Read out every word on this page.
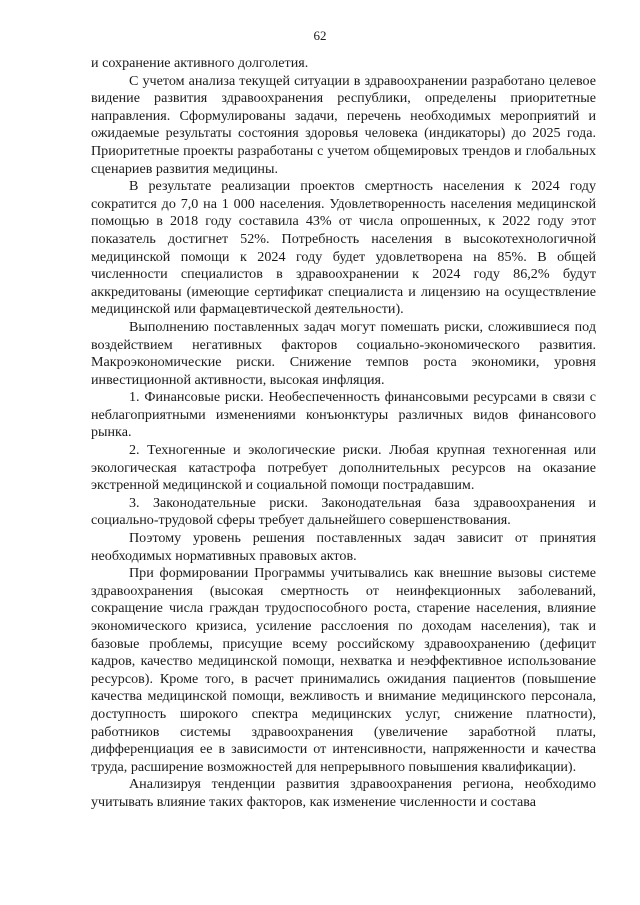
62

и сохранение активного долголетия.

С учетом анализа текущей ситуации в здравоохранении разработано целевое видение развития здравоохранения республики, определены приоритетные направления. Сформулированы задачи, перечень необходимых мероприятий и ожидаемые результаты состояния здоровья человека (индикаторы) до 2025 года. Приоритетные проекты разработаны с учетом общемировых трендов и глобальных сценариев развития медицины.

В результате реализации проектов смертность населения к 2024 году сократится до 7,0 на 1 000 населения. Удовлетворенность населения медицинской помощью в 2018 году составила 43% от числа опрошенных, к 2022 году этот показатель достигнет 52%. Потребность населения в высокотехнологичной медицинской помощи к 2024 году будет удовлетворена на 85%. В общей численности специалистов в здравоохранении к 2024 году 86,2% будут аккредитованы (имеющие сертификат специалиста и лицензию на осуществление медицинской или фармацевтической деятельности).

Выполнению поставленных задач могут помешать риски, сложившиеся под воздействием негативных факторов социально-экономического развития. Макроэкономические риски. Снижение темпов роста экономики, уровня инвестиционной активности, высокая инфляция.

1. Финансовые риски. Необеспеченность финансовыми ресурсами в связи с неблагоприятными изменениями конъюнктуры различных видов финансового рынка.

2. Техногенные и экологические риски. Любая крупная техногенная или экологическая катастрофа потребует дополнительных ресурсов на оказание экстренной медицинской и социальной помощи пострадавшим.

3. Законодательные риски. Законодательная база здравоохранения и социально-трудовой сферы требует дальнейшего совершенствования.

Поэтому уровень решения поставленных задач зависит от принятия необходимых нормативных правовых актов.

При формировании Программы учитывались как внешние вызовы системе здравоохранения (высокая смертность от неинфекционных заболеваний, сокращение числа граждан трудоспособного роста, старение населения, влияние экономического кризиса, усиление расслоения по доходам населения), так и базовые проблемы, присущие всему российскому здравоохранению (дефицит кадров, качество медицинской помощи, нехватка и неэффективное использование ресурсов). Кроме того, в расчет принимались ожидания пациентов (повышение качества медицинской помощи, вежливость и внимание медицинского персонала, доступность широкого спектра медицинских услуг, снижение платности), работников системы здравоохранения (увеличение заработной платы, дифференциация ее в зависимости от интенсивности, напряженности и качества труда, расширение возможностей для непрерывного повышения квалификации).

Анализируя тенденции развития здравоохранения региона, необходимо учитывать влияние таких факторов, как изменение численности и состава
